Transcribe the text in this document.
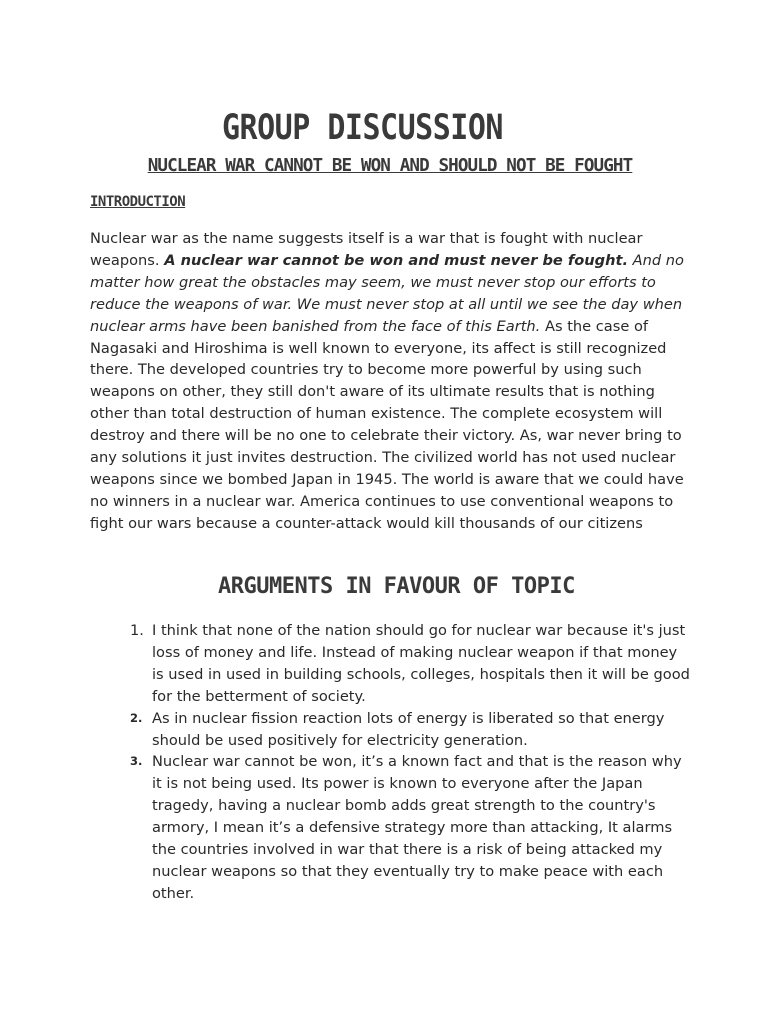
GROUP DISCUSSION
NUCLEAR WAR CANNOT BE WON AND SHOULD NOT BE FOUGHT
INTRODUCTION
Nuclear war as the name suggests itself is a war that is fought with nuclear weapons. A nuclear war cannot be won and must never be fought. And no matter how great the obstacles may seem, we must never stop our efforts to reduce the weapons of war. We must never stop at all until we see the day when nuclear arms have been banished from the face of this Earth. As the case of Nagasaki and Hiroshima is well known to everyone, its affect is still recognized there. The developed countries try to become more powerful by using such weapons on other, they still don't aware of its ultimate results that is nothing other than total destruction of human existence. The complete ecosystem will destroy and there will be no one to celebrate their victory. As, war never bring to any solutions it just invites destruction. The civilized world has not used nuclear weapons since we bombed Japan in 1945. The world is aware that we could have no winners in a nuclear war. America continues to use conventional weapons to fight our wars because a counter-attack would kill thousands of our citizens
ARGUMENTS IN FAVOUR OF TOPIC
1. I think that none of the nation should go for nuclear war because it's just loss of money and life. Instead of making nuclear weapon if that money is used in used in building schools, colleges, hospitals then it will be good for the betterment of society.
2. As in nuclear fission reaction lots of energy is liberated so that energy should be used positively for electricity generation.
3. Nuclear war cannot be won, it’s a known fact and that is the reason why it is not being used. Its power is known to everyone after the Japan tragedy, having a nuclear bomb adds great strength to the country's armory, I mean it’s a defensive strategy more than attacking, It alarms the countries involved in war that there is a risk of being attacked my nuclear weapons so that they eventually try to make peace with each other.
